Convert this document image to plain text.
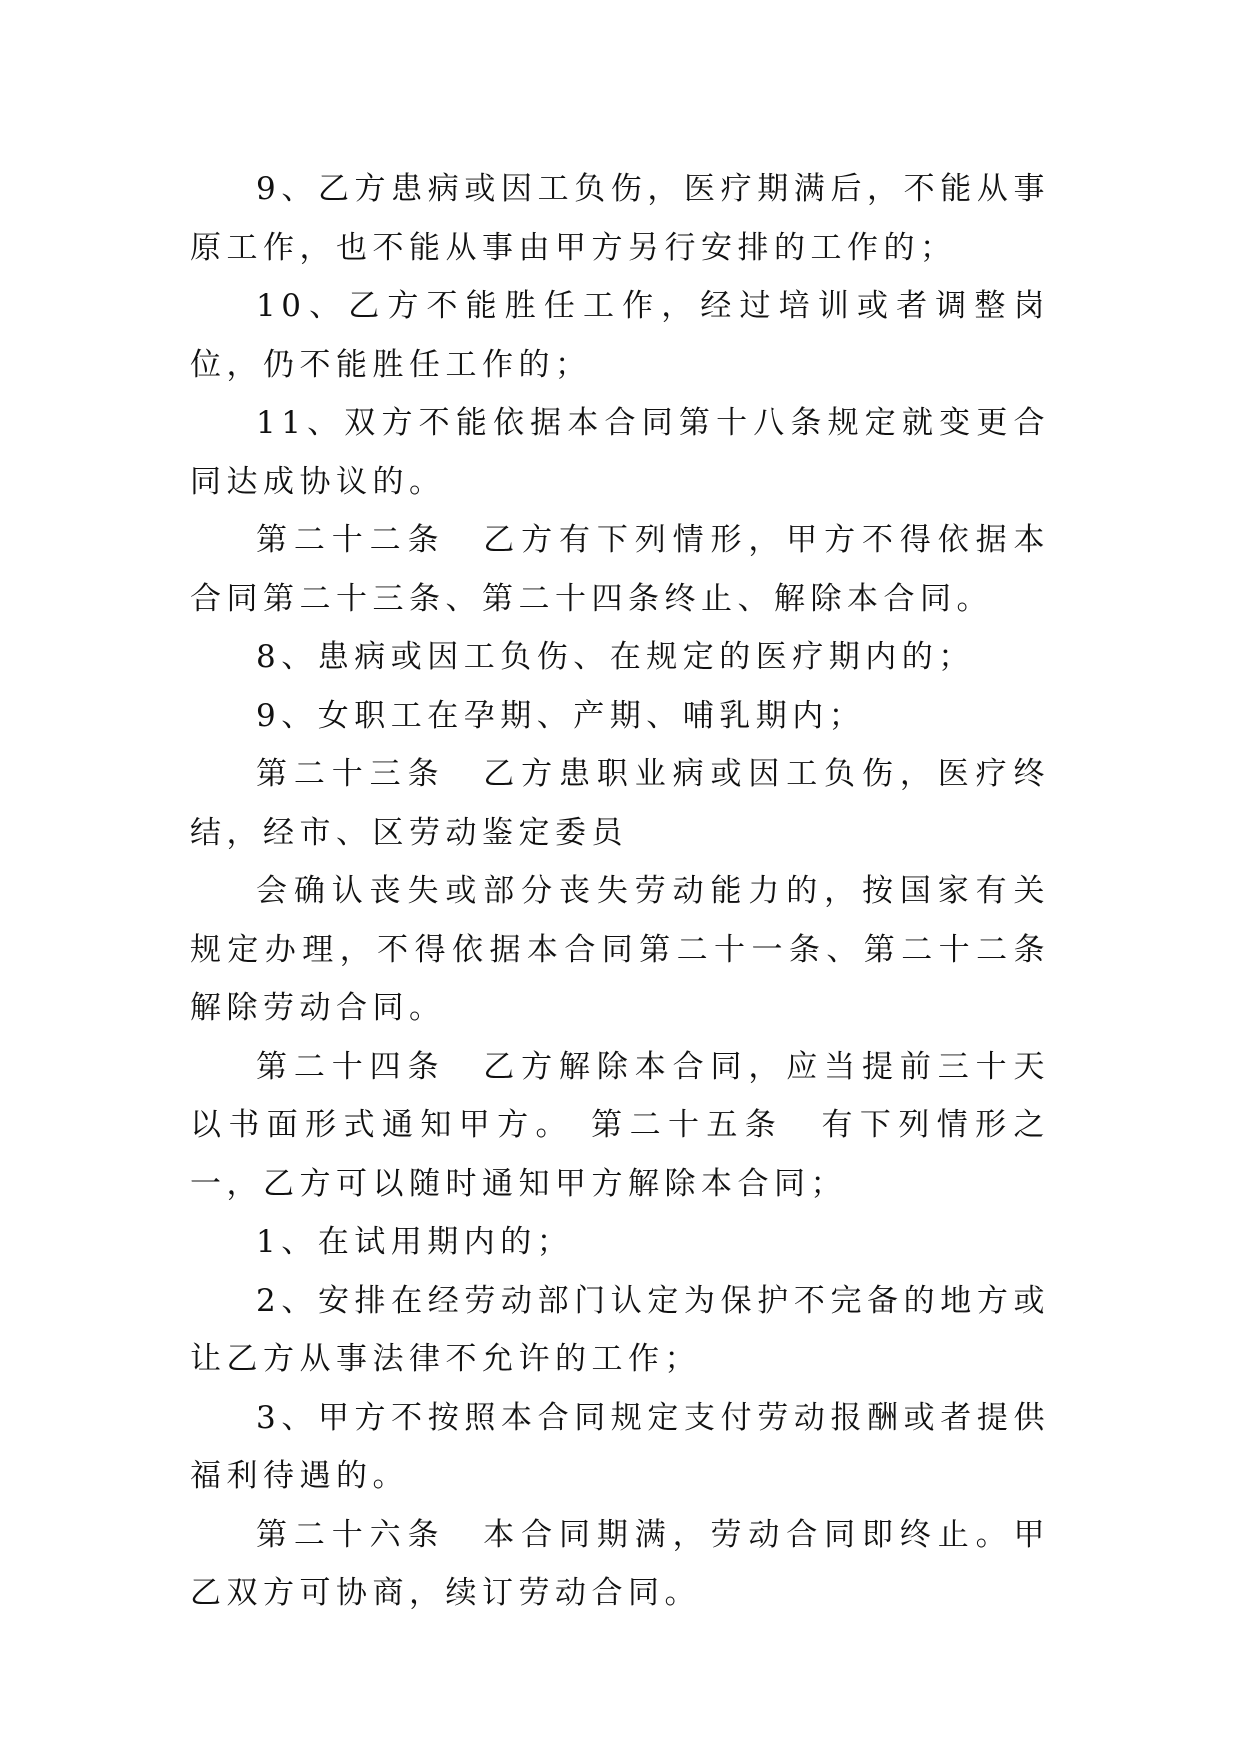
9、乙方患病或因工负伤，医疗期满后，不能从事原工作，也不能从事由甲方另行安排的工作的；

10、乙方不能胜任工作，经过培训或者调整岗位，仍不能胜任工作的；

11、双方不能依据本合同第十八条规定就变更合同达成协议的。

第二十二条　乙方有下列情形，甲方不得依据本合同第二十三条、第二十四条终止、解除本合同。

8、患病或因工负伤、在规定的医疗期内的；

9、女职工在孕期、产期、哺乳期内；

第二十三条　乙方患职业病或因工负伤，医疗终结，经市、区劳动鉴定委员

会确认丧失或部分丧失劳动能力的，按国家有关规定办理，不得依据本合同第二十一条、第二十二条解除劳动合同。

第二十四条　乙方解除本合同，应当提前三十天以书面形式通知甲方。 第二十五条　有下列情形之一，乙方可以随时通知甲方解除本合同；

1、在试用期内的；

2、安排在经劳动部门认定为保护不完备的地方或让乙方从事法律不允许的工作；

3、甲方不按照本合同规定支付劳动报酬或者提供福利待遇的。

第二十六条　本合同期满，劳动合同即终止。甲乙双方可协商，续订劳动合同。
